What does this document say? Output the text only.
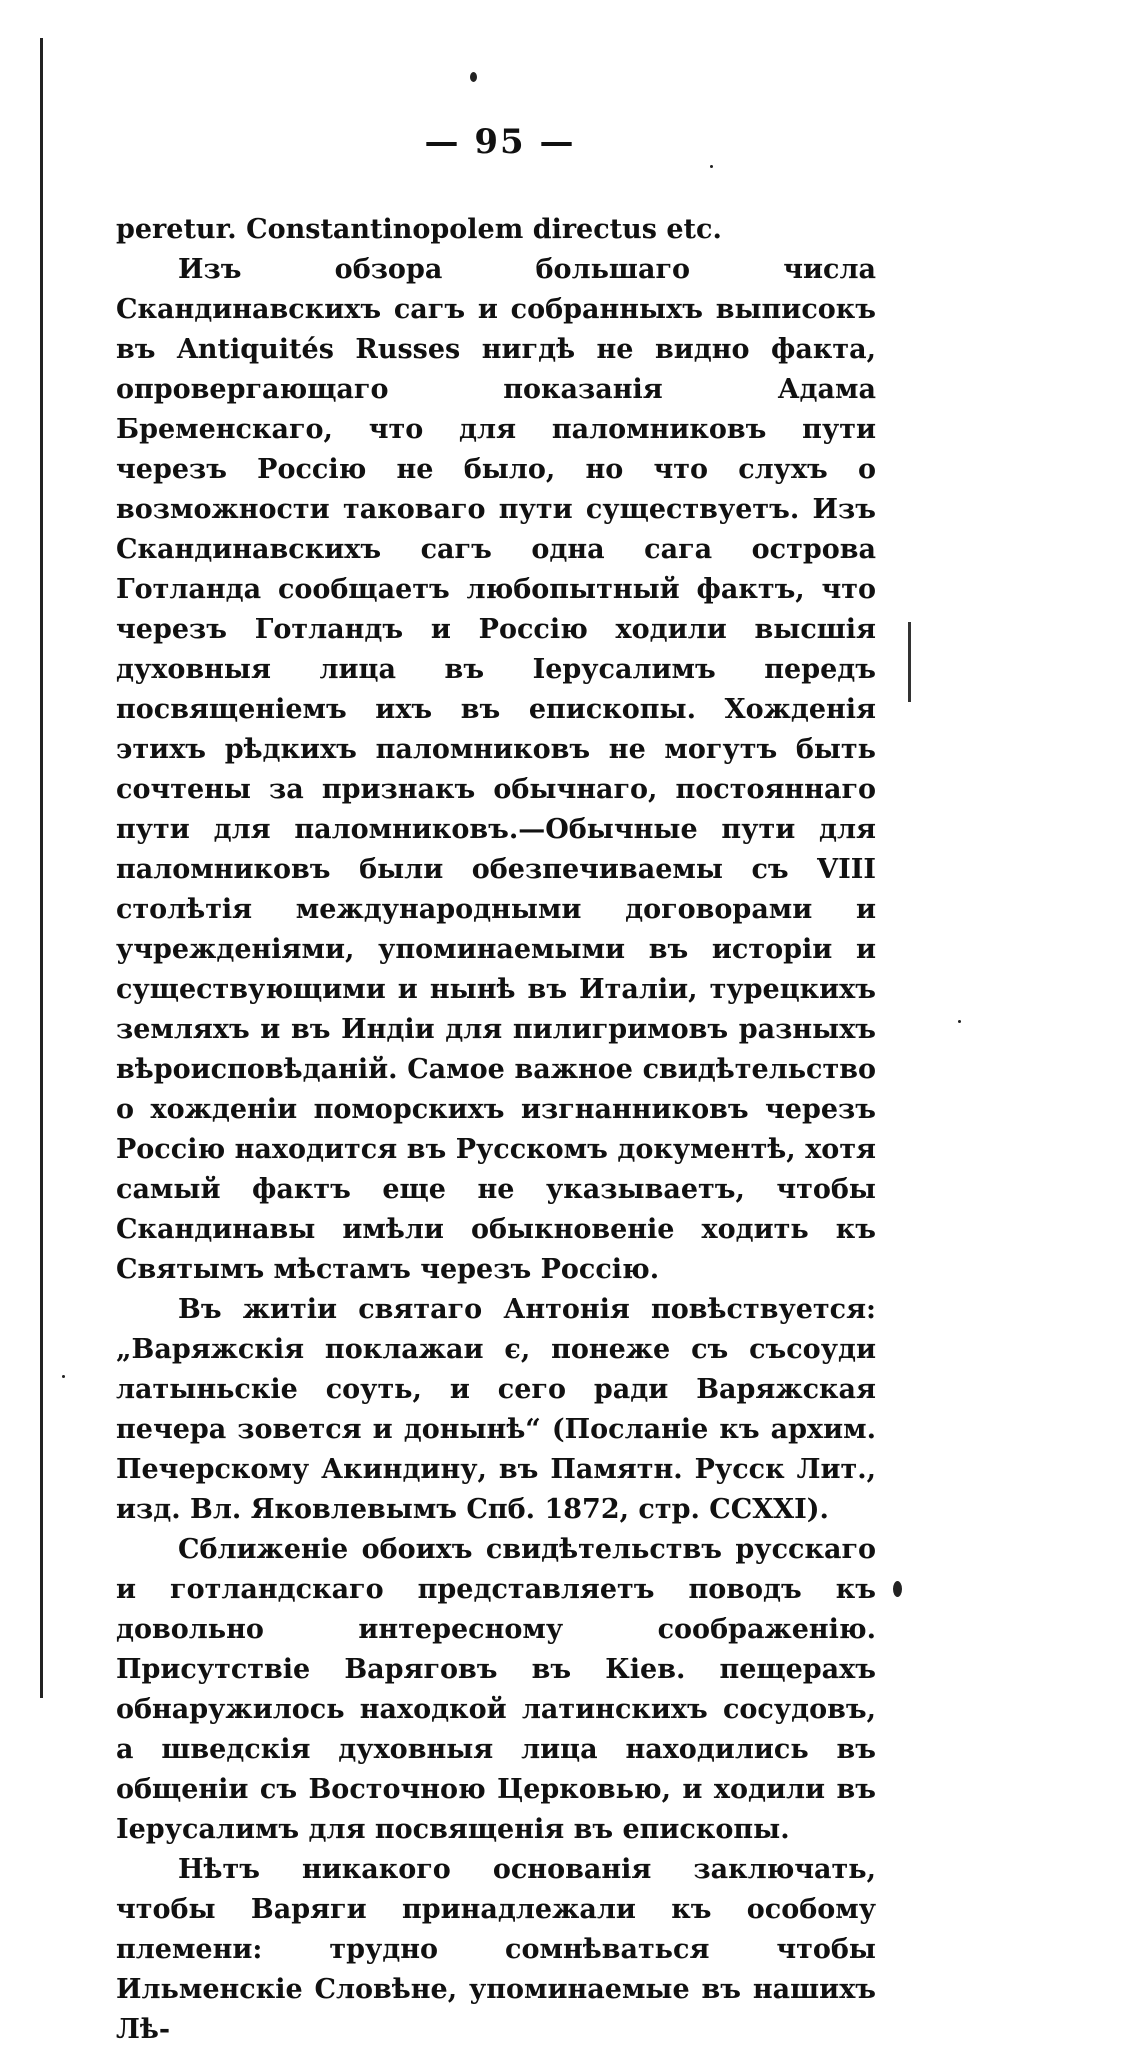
— 95 —

peretur. Constantinopolem directus etc.

Изъ обзора большаго числа Скандинавскихъ сагъ и собранныхъ выписокъ въ Antiquités Russes нигдѣ не видно факта, опровергающаго показанія Адама Бременскаго, что для паломниковъ пути черезъ Россію не было, но что слухъ о возможности таковаго пути существуетъ. Изъ Скандинавскихъ сагъ одна сага острова Готланда сообщаетъ любопытный фактъ, что черезъ Готландъ и Россію ходили высшія духовныя лица въ Іерусалимъ передъ посвященіемъ ихъ въ епископы. Хожденія этихъ рѣдкихъ паломниковъ не могутъ быть сочтены за признакъ обычнаго, постояннаго пути для паломниковъ.—Обычные пути для паломниковъ были обезпечиваемы съ VIII столѣтія международными договорами и учрежденіями, упоминаемыми въ исторіи и существующими и нынѣ въ Италіи, турецкихъ земляхъ и въ Индіи для пилигримовъ разныхъ вѣроисповѣданій. Самое важное свидѣтельство о хожденіи поморскихъ изгнанниковъ черезъ Россію находится въ Русскомъ документѣ, хотя самый фактъ еще не указываетъ, чтобы Скандинавы имѣли обыкновеніе ходить къ Святымъ мѣстамъ черезъ Россію.

Въ житіи святаго Антонія повѣствуется: „Варяжскія поклажаи є, понеже съ съсоуди латыньскіе соуть, и сего ради Варяжская печера зовется и донынѣ“ (Посланіе къ архим. Печерскому Акиндину, въ Памятн. Русск Лит., изд. Вл. Яковлевымъ Спб. 1872, стр. CCXXI).

Сближеніе обоихъ свидѣтельствъ русскаго и готландскаго представляетъ поводъ къ довольно интересному соображенію. Присутствіе Варяговъ въ Кіев. пещерахъ обнаружилось находкой латинскихъ сосудовъ, а шведскія духовныя лица находились въ общеніи съ Восточною Церковью, и ходили въ Іерусалимъ для посвященія въ епископы.

Нѣтъ никакого основанія заключать, чтобы Варяги принадлежали къ особому племени: трудно сомнѣваться чтобы Ильменскіе Словѣне, упоминаемые въ нашихъ Лѣ-
